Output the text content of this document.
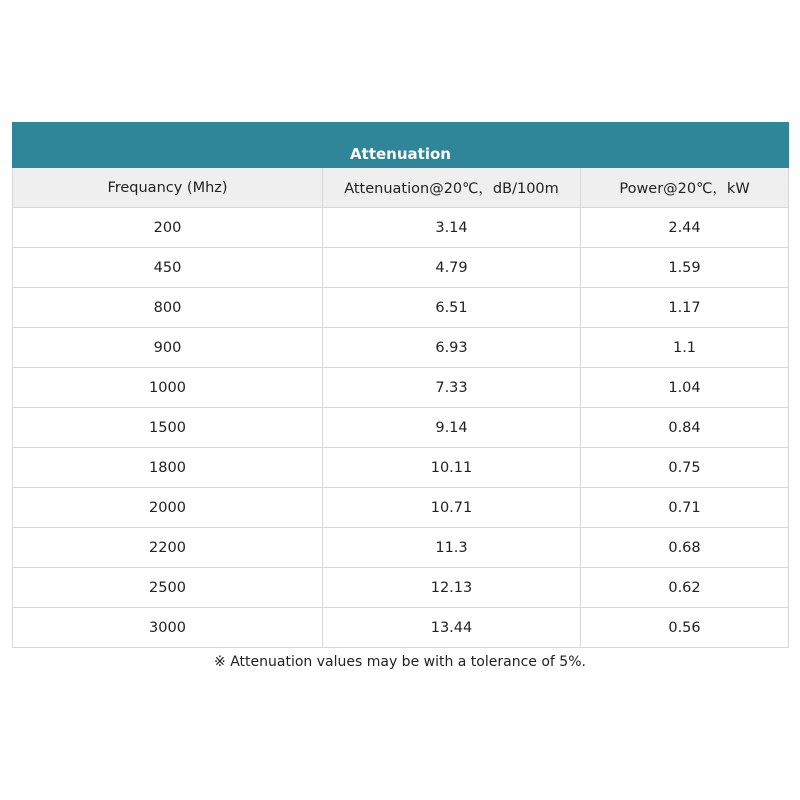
Attenuation		
Frequancy (Mhz)	Attenuation@20℃，dB/100m	Power@20℃，kW
200	3.14	2.44
450	4.79	1.59
800	6.51	1.17
900	6.93	1.1
1000	7.33	1.04
1500	9.14	0.84
1800	10.11	0.75
2000	10.71	0.71
2200	11.3	0.68
2500	12.13	0.62
3000	13.44	0.56
※ Attenuation values may be with a tolerance of 5%.
